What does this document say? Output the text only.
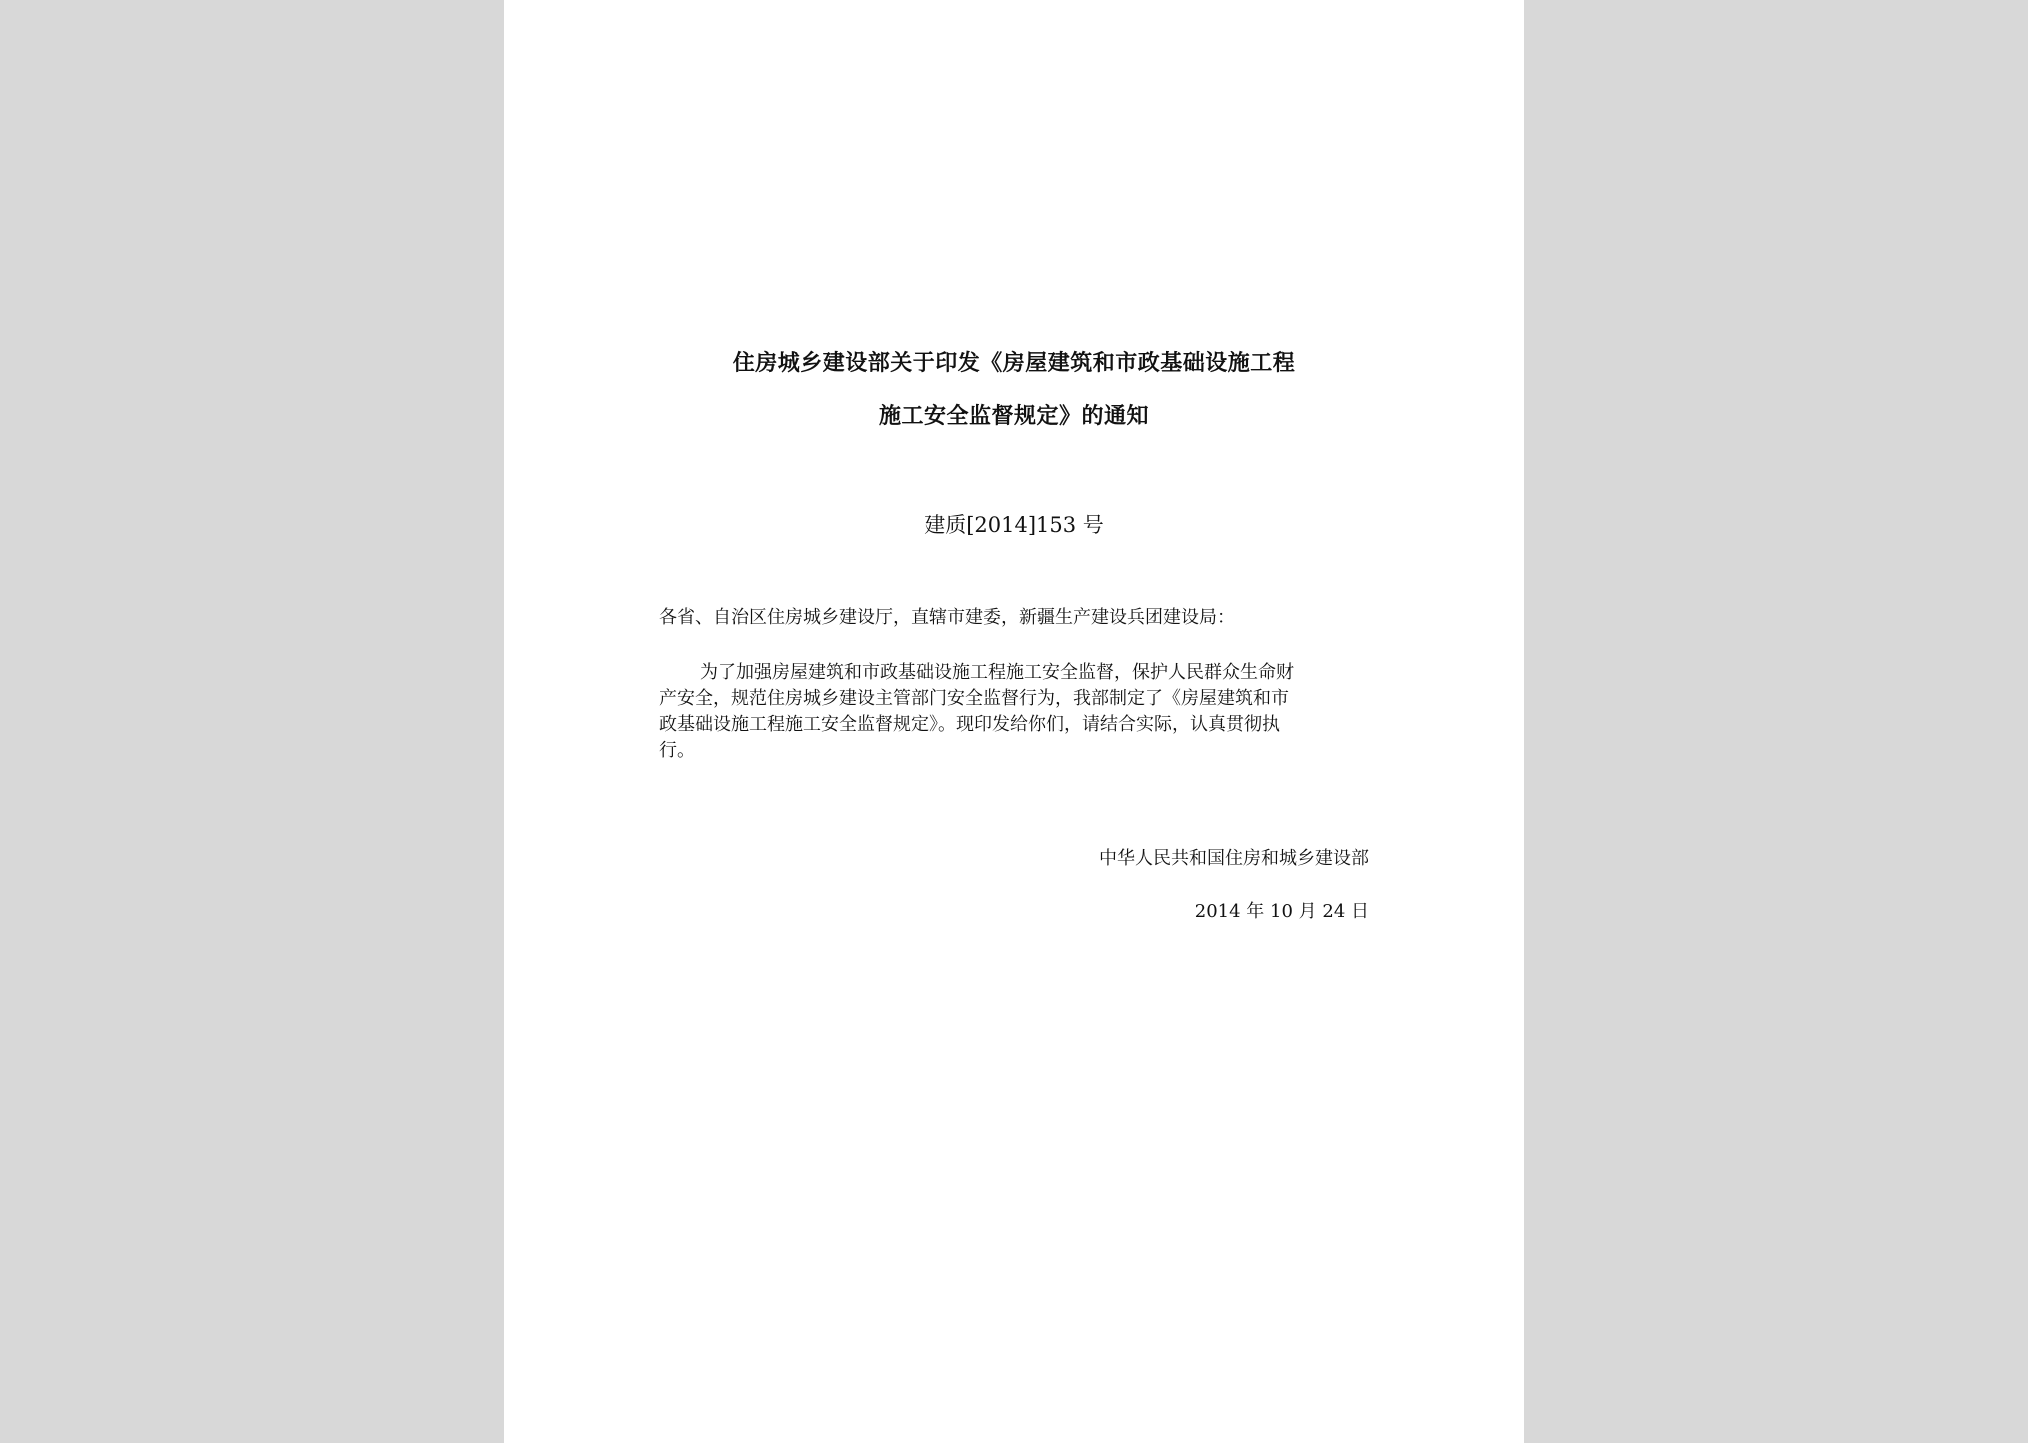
住房城乡建设部关于印发《房屋建筑和市政基础设施工程
施工安全监督规定》的通知
建质[2014]153 号
各省、自治区住房城乡建设厅，直辖市建委，新疆生产建设兵团建设局：

为了加强房屋建筑和市政基础设施工程施工安全监督，保护人民群众生命财
产安全，规范住房城乡建设主管部门安全监督行为，我部制定了《房屋建筑和市
政基础设施工程施工安全监督规定》。现印发给你们，请结合实际，认真贯彻执
行。

中华人民共和国住房和城乡建设部
2014 年 10 月 24 日
